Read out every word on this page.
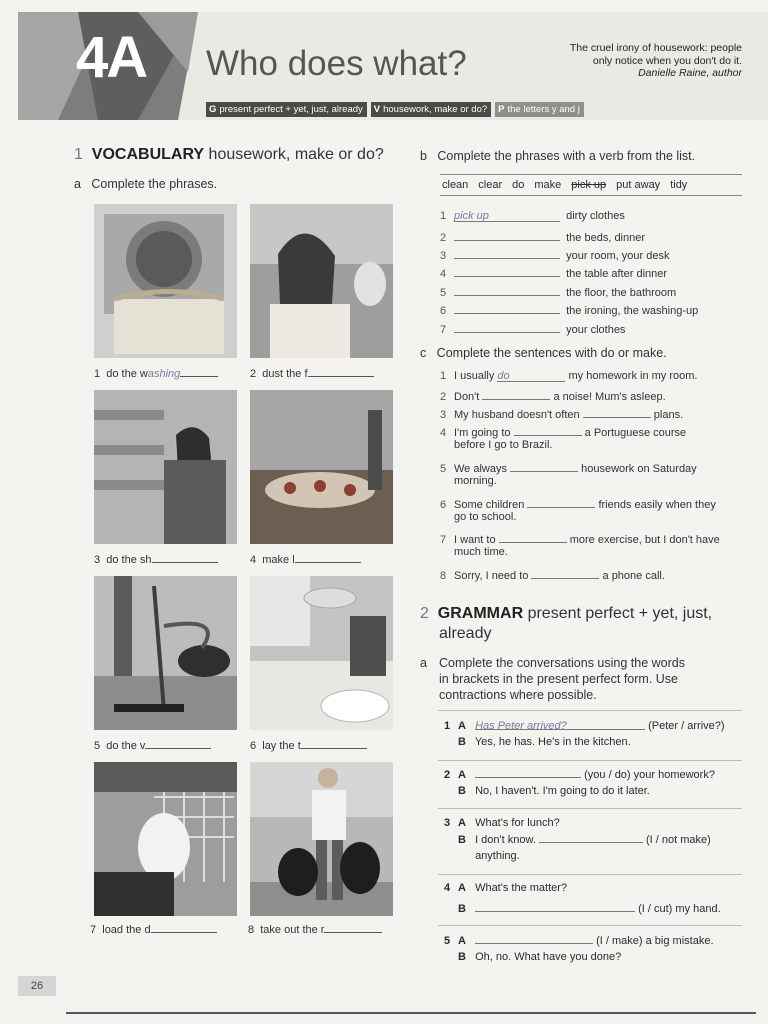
4A Who does what?	The cruel irony of housework: people
only notice when you don't do it.
Danielle Raine, author
G present perfect + yet, just, already	V housework, make or do?	P the letters y and j
1 VOCABULARY housework, make or do?
a Complete the phrases.
1 do the washing	2 dust the f
3 do the sh	4 make l
5 do the v	6 lay the t
7 load the d	8 take out the r
b Complete the phrases with a verb from the list.
clean clear do make pick up put away tidy
1 pick up	dirty clothes
2	the beds, dinner
3	your room, your desk
4	the table after dinner
5	the floor, the bathroom
6	the ironing, the washing-up
7	your clothes
c Complete the sentences with do or make.
1 I usually do	my homework in my room.
2 Don't	a noise! Mum's asleep.
3 My husband doesn't often	plans.
4 I'm going to	a Portuguese course
before I go to Brazil.
5 We always	housework on Saturday
morning.
6 Some children	friends easily when they
go to school.
7 I want to	more exercise, but I don't have
much time.
8 Sorry, I need to	a phone call.
2 GRAMMAR present perfect + yet, just,
already
a Complete the conversations using the words
in brackets in the present perfect form. Use
contractions where possible.
1 A Has Peter arrived?	(Peter / arrive?)
B Yes, he has. He's in the kitchen.
2 A	(you / do) your homework?
B No, I haven't. I'm going to do it later.
3 A What's for lunch?
B I don't know.	(I / not make)
anything.
4 A What's the matter?
B	(I / cut) my hand.
5 A	(I / make) a big mistake.
B Oh, no. What have you done?
26
